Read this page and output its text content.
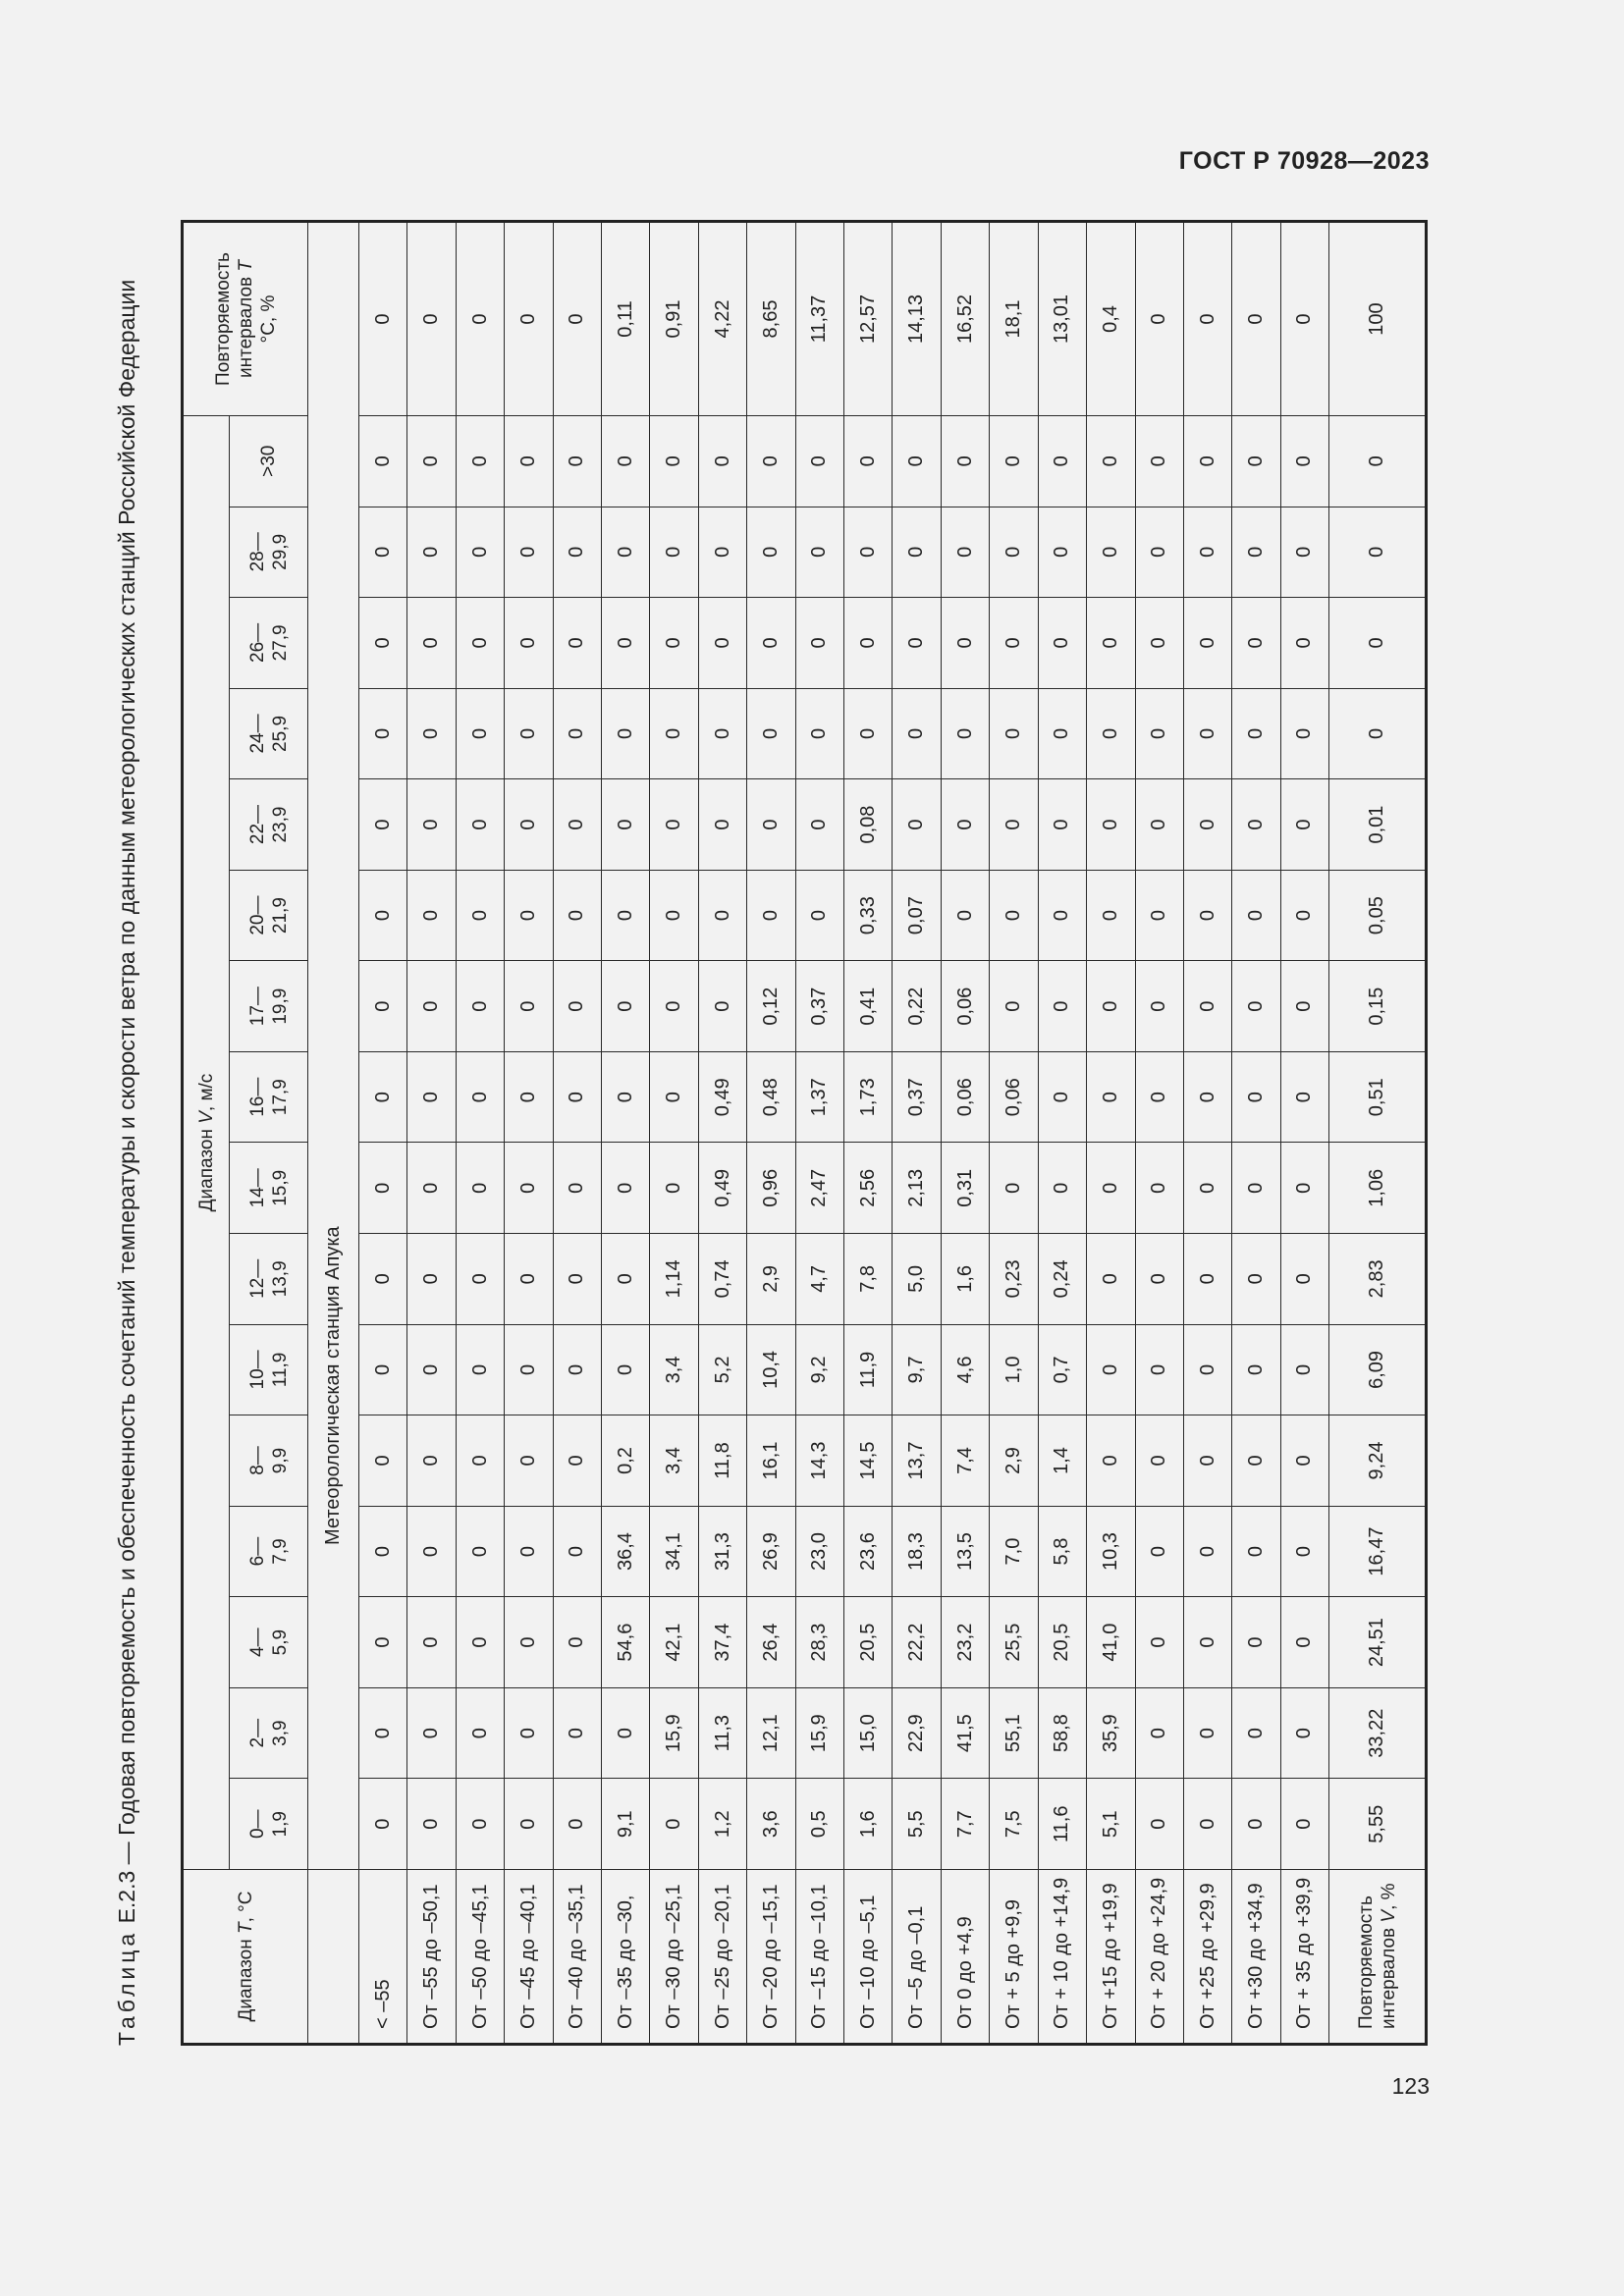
ГОСТ Р 70928—2023
Таблица Е.2.3 — Годовая повторяемость и обеспеченность сочетаний температуры и скорости ветра по данным метеорологических станций Российской Федерации
Диапазон T, °С	Диапазон V, м/с																Повторяемость интервалов T
°С, %
	0— 1,9	2— 3,9	4— 5,9	6— 7,9	8— 9,9	10— 11,9	12— 13,9	14— 15,9	16— 17,9	17— 19,9	20— 21,9	22— 23,9	24— 25,9	26— 27,9	28— 29,9	>30	
	Метеорологическая станция Апука																
< –55	0	0	0	0	0	0	0	0	0	0	0	0	0	0	0	0	0
От –55 до –50,1	0	0	0	0	0	0	0	0	0	0	0	0	0	0	0	0	0
От –50 до –45,1	0	0	0	0	0	0	0	0	0	0	0	0	0	0	0	0	0
От –45 до –40,1	0	0	0	0	0	0	0	0	0	0	0	0	0	0	0	0	0
От –40 до –35,1	0	0	0	0	0	0	0	0	0	0	0	0	0	0	0	0	0
От –35 до –30,	9,1	0	54,6	36,4	0,2	0	0	0	0	0	0	0	0	0	0	0	0,11
От –30 до –25,1	0	15,9	42,1	34,1	3,4	3,4	1,14	0	0	0	0	0	0	0	0	0	0,91
От –25 до –20,1	1,2	11,3	37,4	31,3	11,8	5,2	0,74	0,49	0,49	0	0	0	0	0	0	0	4,22
От –20 до –15,1	3,6	12,1	26,4	26,9	16,1	10,4	2,9	0,96	0,48	0,12	0	0	0	0	0	0	8,65
От –15 до –10,1	0,5	15,9	28,3	23,0	14,3	9,2	4,7	2,47	1,37	0,37	0	0	0	0	0	0	11,37
От –10 до –5,1	1,6	15,0	20,5	23,6	14,5	11,9	7,8	2,56	1,73	0,41	0,33	0,08	0	0	0	0	12,57
От –5 до –0,1	5,5	22,9	22,2	18,3	13,7	9,7	5,0	2,13	0,37	0,22	0,07	0	0	0	0	0	14,13
От 0 до +4,9	7,7	41,5	23,2	13,5	7,4	4,6	1,6	0,31	0,06	0,06	0	0	0	0	0	0	16,52
От + 5 до +9,9	7,5	55,1	25,5	7,0	2,9	1,0	0,23	0	0,06	0	0	0	0	0	0	0	18,1
От + 10 до +14,9	11,6	58,8	20,5	5,8	1,4	0,7	0,24	0	0	0	0	0	0	0	0	0	13,01
От +15 до +19,9	5,1	35,9	41,0	10,3	0	0	0	0	0	0	0	0	0	0	0	0	0,4
От + 20 до +24,9	0	0	0	0	0	0	0	0	0	0	0	0	0	0	0	0	0
От +25 до +29,9	0	0	0	0	0	0	0	0	0	0	0	0	0	0	0	0	0
От +30 до +34,9	0	0	0	0	0	0	0	0	0	0	0	0	0	0	0	0	0
От + 35 до +39,9	0	0	0	0	0	0	0	0	0	0	0	0	0	0	0	0	0
Повторяемость интервалов V, %	5,55	33,22	24,51	16,47	9,24	6,09	2,83	1,06	0,51	0,15	0,05	0,01	0	0	0	0	100
123
